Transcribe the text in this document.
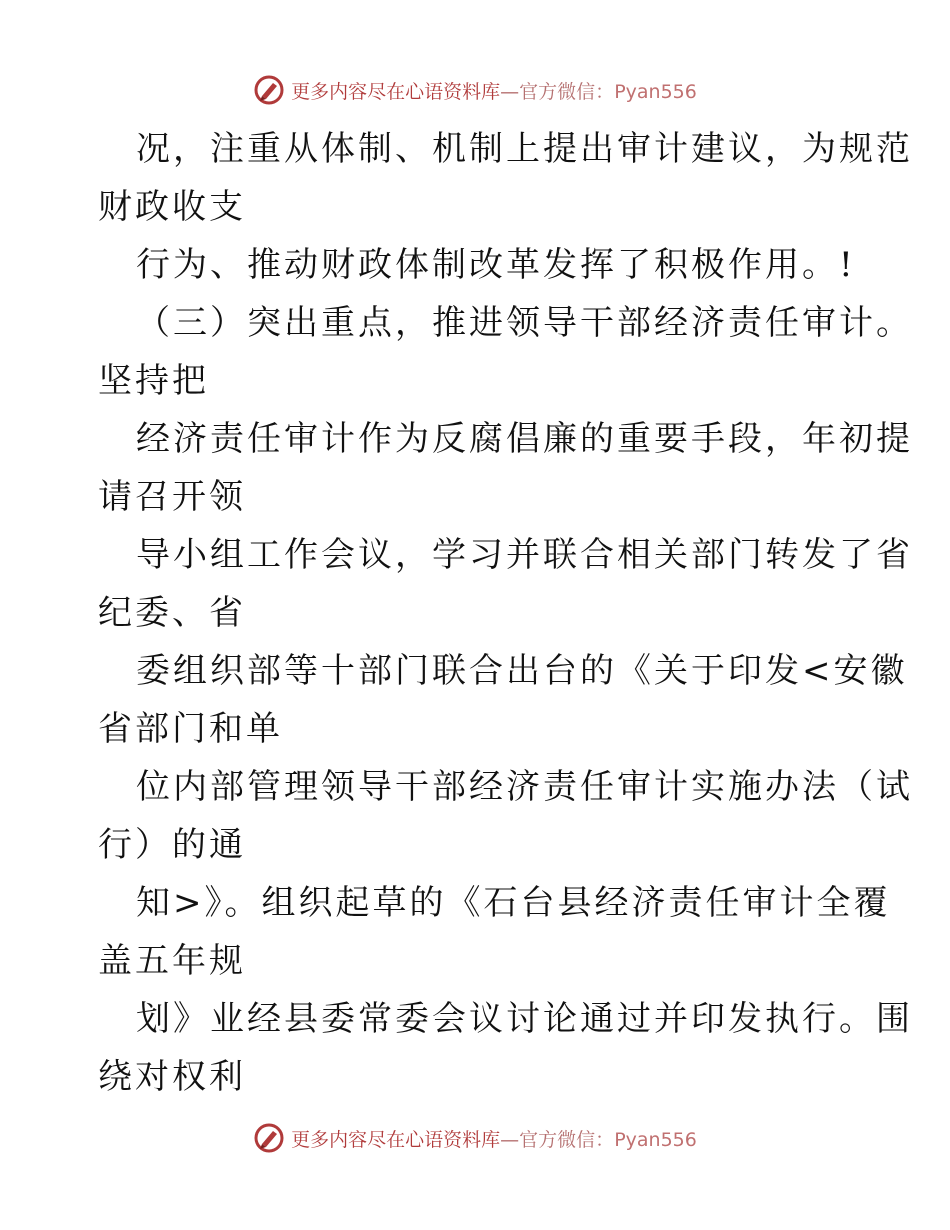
更多内容尽在心语资料库—官方微信：Pyan556
况，注重从体制、机制上提出审计建议，为规范
财政收支
行为、推动财政体制改革发挥了积极作用。!
（三）突出重点，推进领导干部经济责任审计。
坚持把
经济责任审计作为反腐倡廉的重要手段，年初提
请召开领
导小组工作会议，学习并联合相关部门转发了省
纪委、省
委组织部等十部门联合出台的《关于印发<安徽
省部门和单
位内部管理领导干部经济责任审计实施办法（试
行）的通
知>》。组织起草的《石台县经济责任审计全覆
盖五年规
划》业经县委常委会议讨论通过并印发执行。围
绕对权利
更多内容尽在心语资料库—官方微信：Pyan556
